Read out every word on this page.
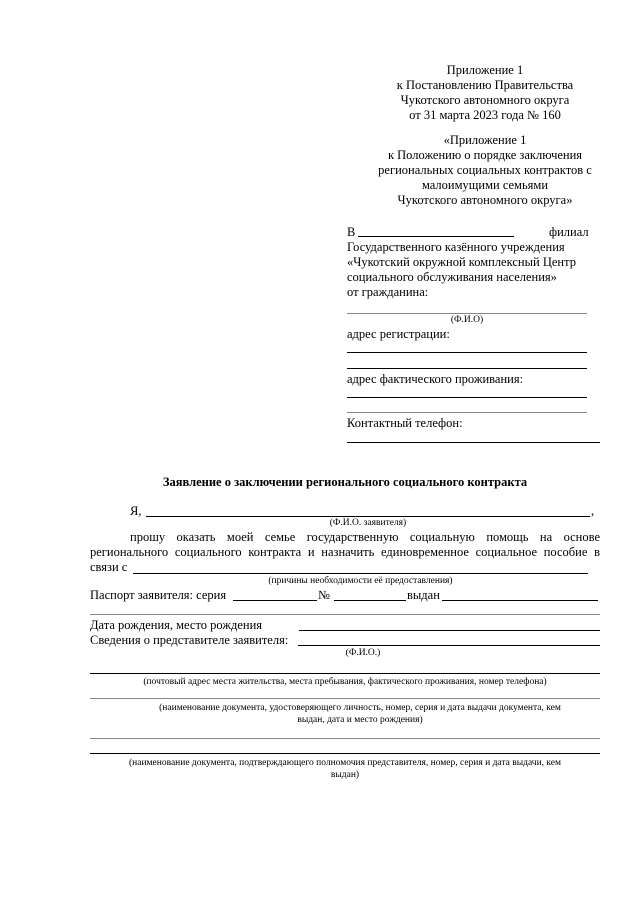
Приложение 1
к Постановлению Правительства
Чукотского автономного округа
от 31 марта 2023 года № 160
«Приложение 1
к Положению о порядке заключения
региональных социальных контрактов с
малоимущими семьями
Чукотского автономного округа»
В	филиал
Государственного казённого учреждения
«Чукотский окружной комплексный Центр
социального обслуживания населения»
от гражданина:
(Ф.И.О)
адрес регистрации:
адрес фактического проживания:
Контактный телефон:
Заявление о заключении регионального социального контракта
Я,	,
(Ф.И.О. заявителя)
прошу оказать моей семье государственную социальную помощь на основе
регионального социального контракта и назначить единовременное социальное пособие в
связи с
(причины необходимости её предоставления)
Паспорт заявителя: серия	№	выдан
Дата рождения, место рождения
Сведения о представителе заявителя:
(Ф.И.О.)
(почтовый адрес места жительства, места пребывания, фактического проживания, номер телефона)
(наименование документа, удостоверяющего личность, номер, серия и дата выдачи документа, кем
выдан, дата и место рождения)
(наименование документа, подтверждающего полномочия представителя, номер, серия и дата выдачи, кем
выдан)
